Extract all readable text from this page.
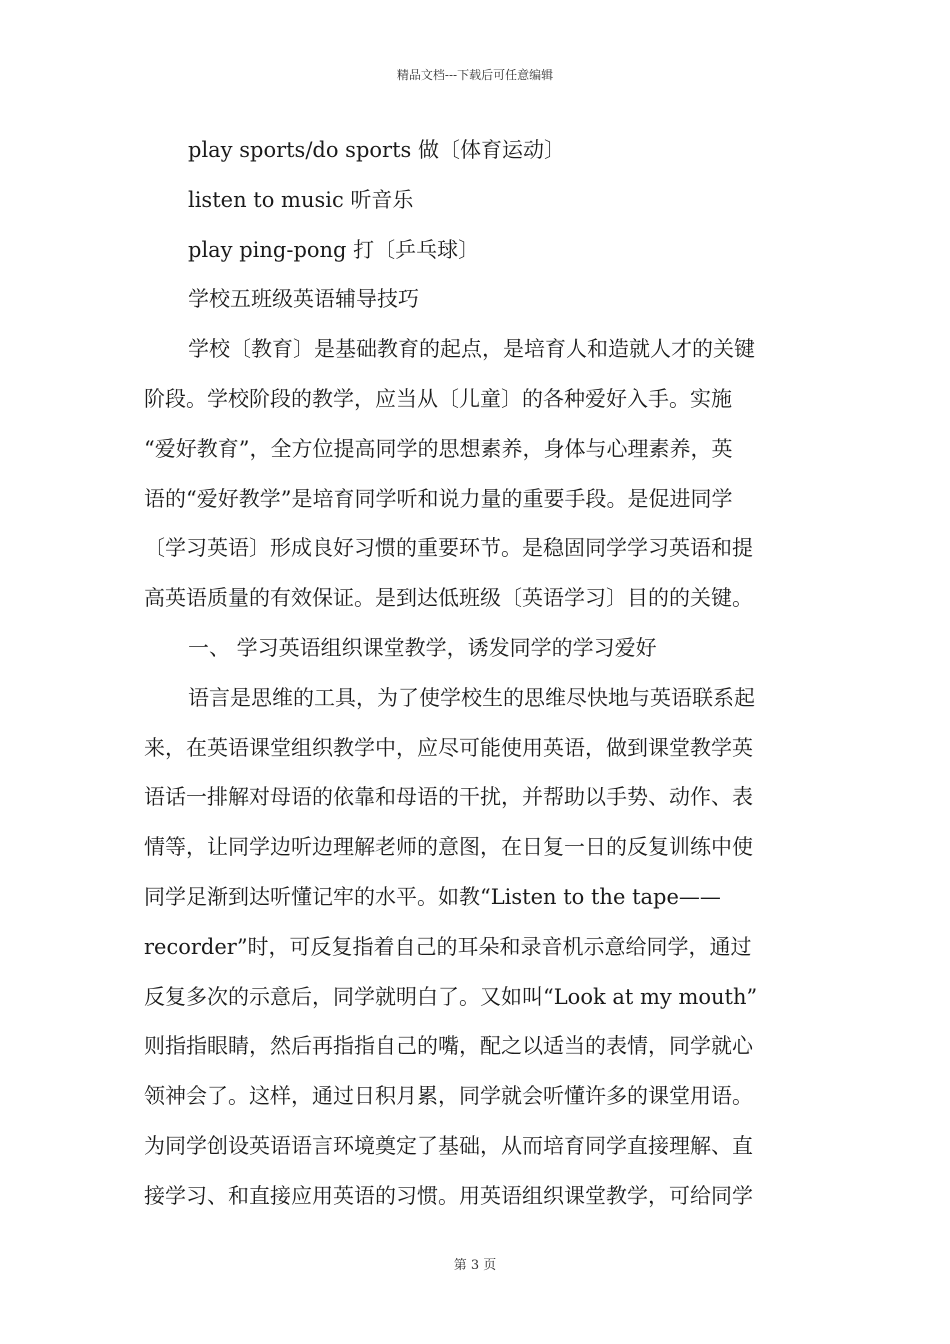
精品文档---下载后可任意编辑
play sports/do sports 做〔体育运动〕
listen to music 听音乐
play ping-pong 打〔乒乓球〕
学校五班级英语辅导技巧
学校〔教育〕是基础教育的起点，是培育人和造就人才的关键
阶段。学校阶段的教学，应当从〔儿童〕的各种爱好入手。实施
“爱好教育”，全方位提高同学的思想素养，身体与心理素养，英
语的“爱好教学”是培育同学听和说力量的重要手段。是促进同学
〔学习英语〕形成良好习惯的重要环节。是稳固同学学习英语和提
高英语质量的有效保证。是到达低班级〔英语学习〕目的的关键。
一、 学习英语组织课堂教学，诱发同学的学习爱好
语言是思维的工具，为了使学校生的思维尽快地与英语联系起
来，在英语课堂组织教学中，应尽可能使用英语，做到课堂教学英
语话一排解对母语的依靠和母语的干扰，并帮助以手势、动作、表
情等，让同学边听边理解老师的意图，在日复一日的反复训练中使
同学足渐到达听懂记牢的水平。如教“Listen to the tape——
recorder”时，可反复指着自己的耳朵和录音机示意给同学，通过
反复多次的示意后，同学就明白了。又如叫“Look at my mouth”
则指指眼睛，然后再指指自己的嘴，配之以适当的表情，同学就心
领神会了。这样，通过日积月累，同学就会听懂许多的课堂用语。
为同学创设英语语言环境奠定了基础，从而培育同学直接理解、直
接学习、和直接应用英语的习惯。用英语组织课堂教学，可给同学
第 3 页
